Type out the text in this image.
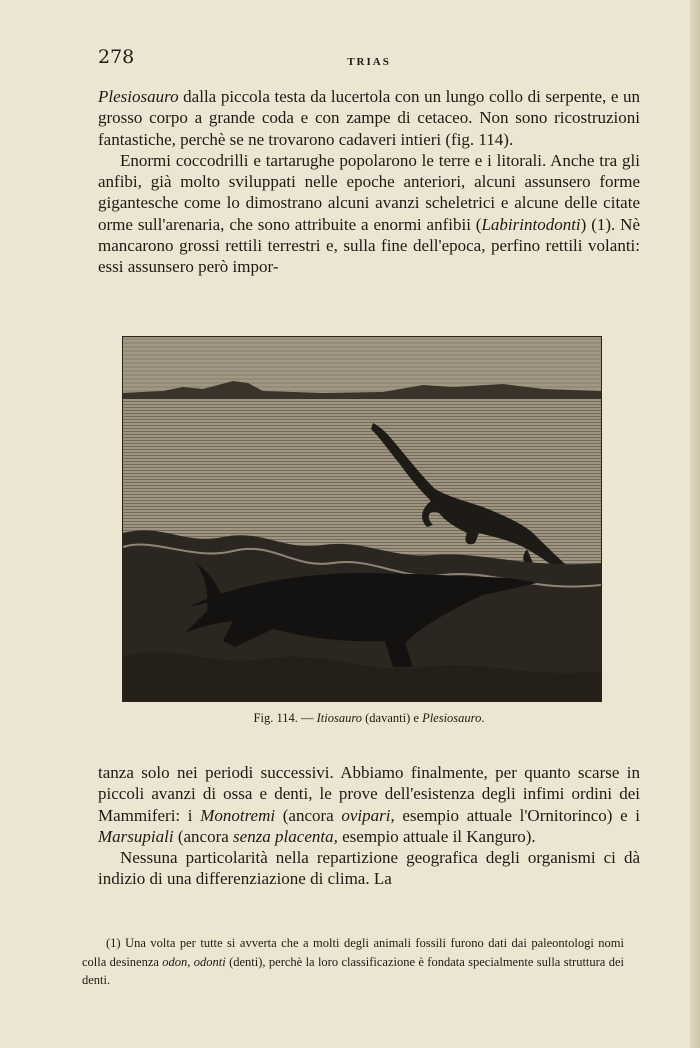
278	TRIAS

Plesiosauro dalla piccola testa da lucertola con un lungo collo di serpente, e un grosso corpo a grande coda e con zampe di cetaceo. Non sono ricostruzioni fantastiche, perchè se ne trovarono cadaveri intieri (fig. 114).

Enormi coccodrilli e tartarughe popolarono le terre e i litorali. Anche tra gli anfibi, già molto sviluppati nelle epoche anteriori, alcuni assunsero forme gigantesche come lo dimostrano alcuni avanzi scheletrici e alcune delle citate orme sull'arenaria, che sono attribuite a enormi anfibii (Labirintodonti) (1). Nè mancarono grossi rettili terrestri e, sulla fine dell'epoca, perfino rettili volanti: essi assunsero però impor-

Fig. 114. — Itiosauro (davanti) e Plesiosauro.

tanza solo nei periodi successivi. Abbiamo finalmente, per quanto scarse in piccoli avanzi di ossa e denti, le prove dell'esistenza degli infimi ordini dei Mammiferi: i Monotremi (ancora ovipari, esempio attuale l'Ornitorinco) e i Marsupiali (ancora senza placenta, esempio attuale il Kanguro).

Nessuna particolarità nella repartizione geografica degli organismi ci dà indizio di una differenziazione di clima. La

(1) Una volta per tutte si avverta che a molti degli animali fossili furono dati dai paleontologi nomi colla desinenza odon, odonti (denti), perchè la loro classificazione è fondata specialmente sulla struttura dei denti.
